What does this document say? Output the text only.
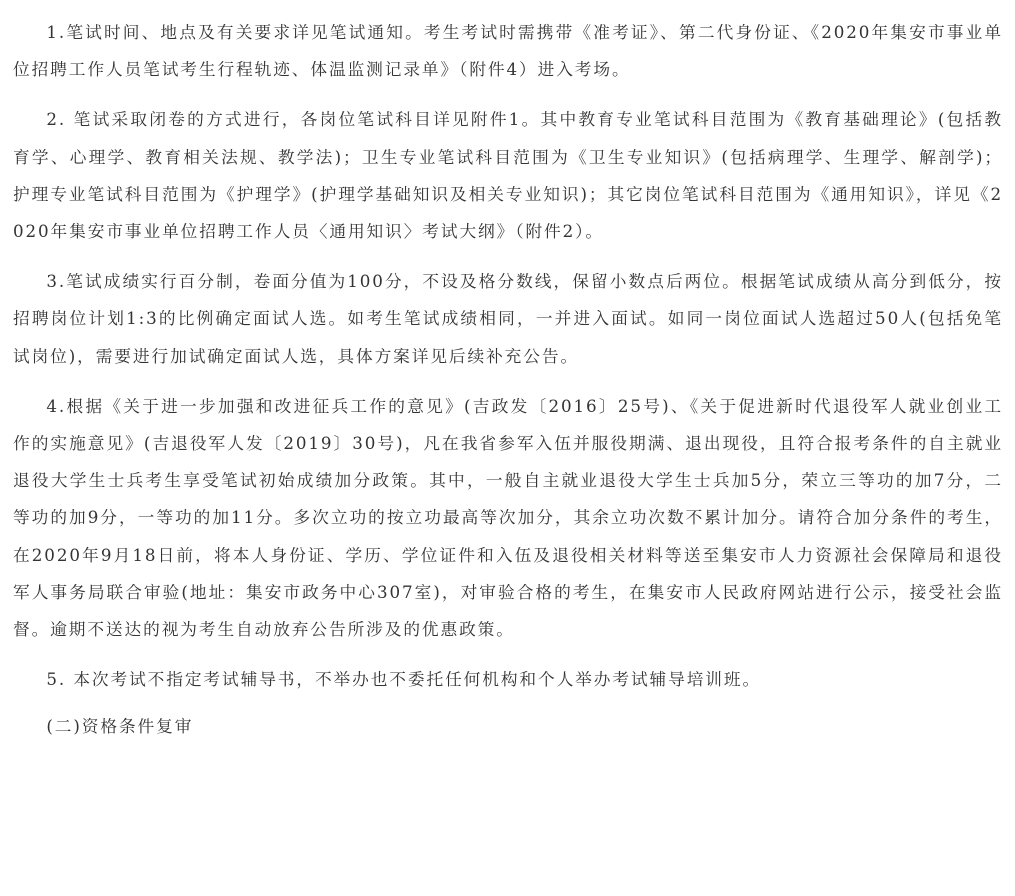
1.笔试时间、地点及有关要求详见笔试通知。考生考试时需携带《准考证》、第二代身份证、《2020年集安市事业单位招聘工作人员笔试考生行程轨迹、体温监测记录单》（附件4）进入考场。

2. 笔试采取闭卷的方式进行，各岗位笔试科目详见附件1。其中教育专业笔试科目范围为《教育基础理论》(包括教育学、心理学、教育相关法规、教学法)；卫生专业笔试科目范围为《卫生专业知识》(包括病理学、生理学、解剖学)；护理专业笔试科目范围为《护理学》(护理学基础知识及相关专业知识)；其它岗位笔试科目范围为《通用知识》，详见《2020年集安市事业单位招聘工作人员〈通用知识〉考试大纲》（附件2）。

3.笔试成绩实行百分制，卷面分值为100分，不设及格分数线，保留小数点后两位。根据笔试成绩从高分到低分，按招聘岗位计划1:3的比例确定面试人选。如考生笔试成绩相同，一并进入面试。如同一岗位面试人选超过50人(包括免笔试岗位)，需要进行加试确定面试人选，具体方案详见后续补充公告。

4.根据《关于进一步加强和改进征兵工作的意见》(吉政发〔2016〕25号)、《关于促进新时代退役军人就业创业工作的实施意见》(吉退役军人发〔2019〕30号)，凡在我省参军入伍并服役期满、退出现役，且符合报考条件的自主就业退役大学生士兵考生享受笔试初始成绩加分政策。其中，一般自主就业退役大学生士兵加5分，荣立三等功的加7分，二等功的加9分，一等功的加11分。多次立功的按立功最高等次加分，其余立功次数不累计加分。请符合加分条件的考生，在2020年9月18日前，将本人身份证、学历、学位证件和入伍及退役相关材料等送至集安市人力资源社会保障局和退役军人事务局联合审验(地址：集安市政务中心307室)，对审验合格的考生，在集安市人民政府网站进行公示，接受社会监督。逾期不送达的视为考生自动放弃公告所涉及的优惠政策。

5. 本次考试不指定考试辅导书，不举办也不委托任何机构和个人举办考试辅导培训班。

(二)资格条件复审
